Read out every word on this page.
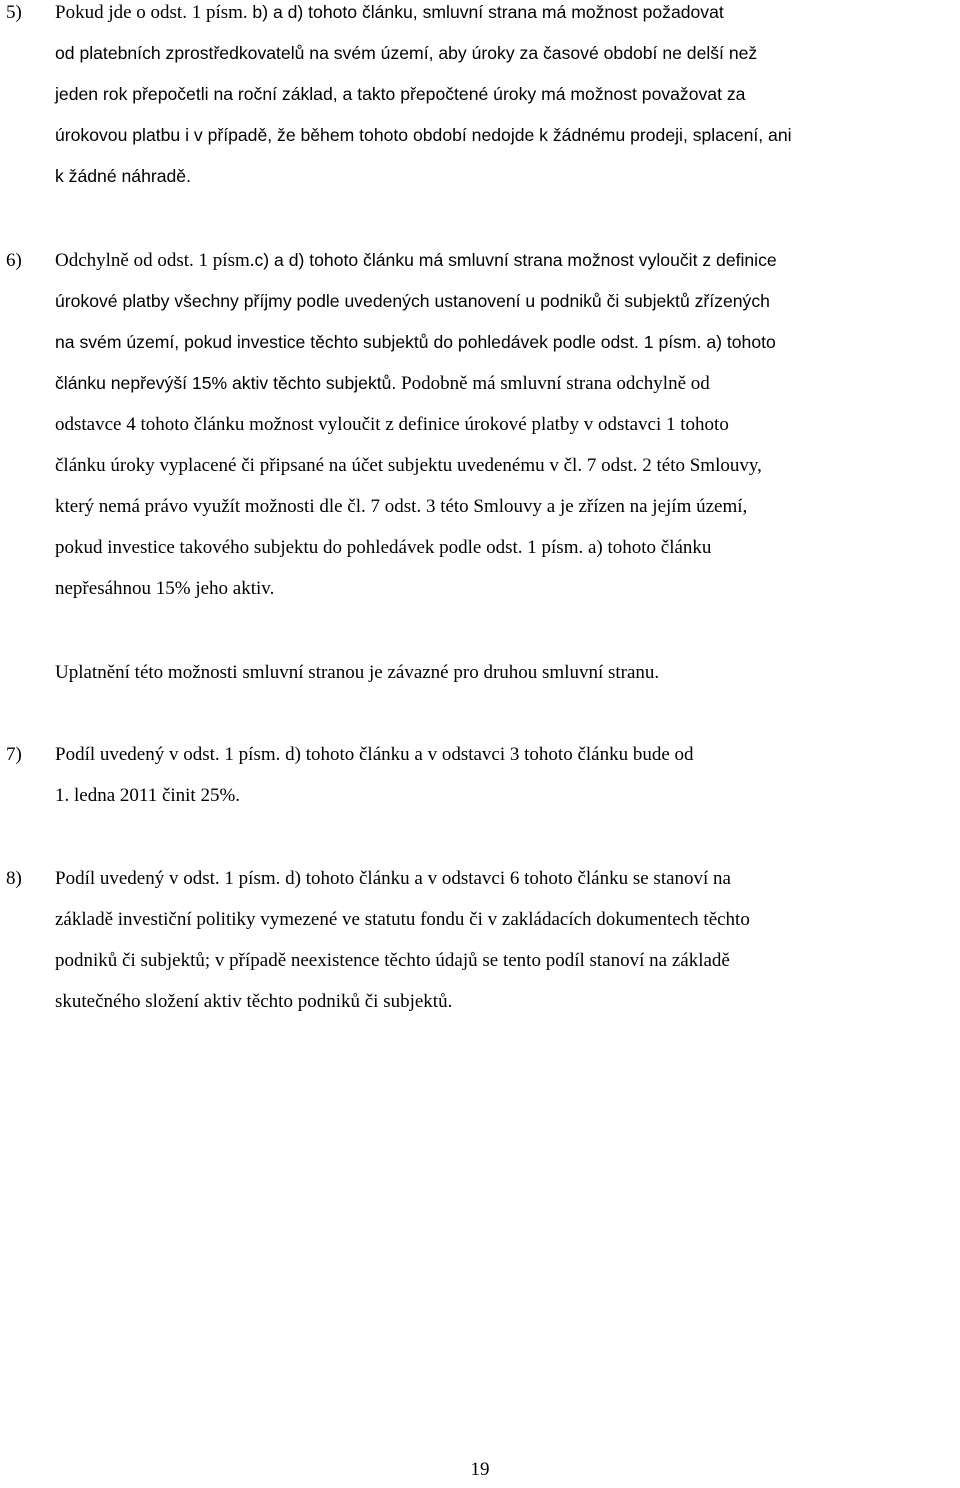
5) Pokud jde o odst. 1 písm. b) a d) tohoto článku, smluvní strana má možnost požadovat
od platebních zprostředkovatelů na svém území, aby úroky za časové období ne delší než
jeden rok přepočetli na roční základ, a takto přepočtené úroky má možnost považovat za
úrokovou platbu i v případě, že během tohoto období nedojde k žádnému prodeji, splacení, ani
k žádné náhradě.
6) Odchylně od odst. 1 písm.c) a d) tohoto článku má smluvní strana možnost vyloučit z definice
úrokové platby všechny příjmy podle uvedených ustanovení u podniků či subjektů zřízených
na svém území, pokud investice těchto subjektů do pohledávek podle odst. 1 písm. a) tohoto
článku nepřevýší 15% aktiv těchto subjektů. Podobně má smluvní strana odchylně od
odstavce 4 tohoto článku možnost vyloučit z definice úrokové platby v odstavci 1 tohoto
článku úroky vyplacené či připsané na účet subjektu uvedenému v čl. 7 odst. 2 této Smlouvy,
který nemá právo využít možnosti dle čl. 7 odst. 3 této Smlouvy a je zřízen na jejím území,
pokud investice takového subjektu do pohledávek podle odst. 1 písm. a) tohoto článku
nepřesáhnou 15% jeho aktiv.
Uplatnění této možnosti smluvní stranou je závazné pro druhou smluvní stranu.
7) Podíl uvedený v odst. 1 písm. d) tohoto článku a v odstavci 3 tohoto článku bude od
1. ledna 2011 činit 25%.
8) Podíl uvedený v odst. 1 písm. d) tohoto článku a v odstavci 6 tohoto článku se stanoví na
základě investiční politiky vymezené ve statutu fondu či v zakládacích dokumentech těchto
podniků či subjektů; v případě neexistence těchto údajů se tento podíl stanoví na základě
skutečného složení aktiv těchto podniků či subjektů.
19
